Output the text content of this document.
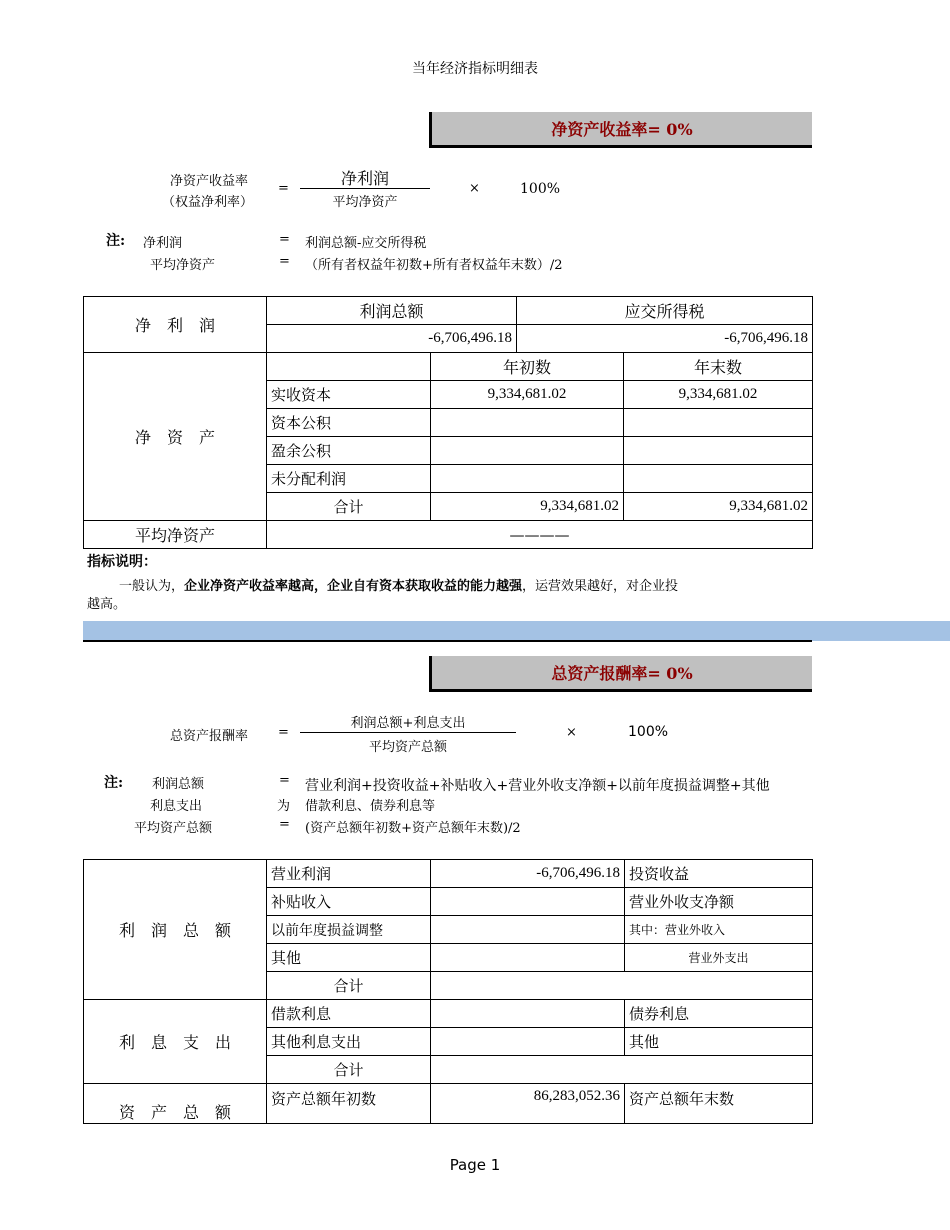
当年经济指标明细表
净资产收益率= 0%
净资产收益率
（权益净利率）
=
净利润
平均净资产
×	100%
注: 净利润	= 利润总额-应交所得税
平均净资产	= （所有者权益年初数+所有者权益年末数）/2
净　利　润	利润总额		应交所得税	
	-6,706,496.18		-6,706,496.18	
净　资　产		年初数		年末数
	实收资本	9,334,681.02		9,334,681.02
	资本公积			
	盈余公积			
	未分配利润			
	合计	9,334,681.02		9,334,681.02
平均净资产	————			
指标说明：
一般认为，企业净资产收益率越高，企业自有资本获取收益的能力越强，运营效果越好，对企业投
越高。
总资产报酬率= 0%
总资产报酬率 =
利润总额+利息支出
平均资产总额
×	100%
注: 利润总额	= 营业利润+投资收益+补贴收入+营业外收支净额+以前年度损益调整+其他
利息支出	为 借款利息、债券利息等
平均资产总额	= (资产总额年初数+资产总额年末数)/2
利　润　总　额	营业利润	-6,706,496.18	投资收益
	补贴收入		营业外收支净额
	以前年度损益调整		其中：营业外收入
	其他		营业外支出
	合计		
利　息　支　出	借款利息		债券利息
	其他利息支出		其他
	合计		
资　产　总　额	资产总额年初数	86,283,052.36	资产总额年末数
Page 1
